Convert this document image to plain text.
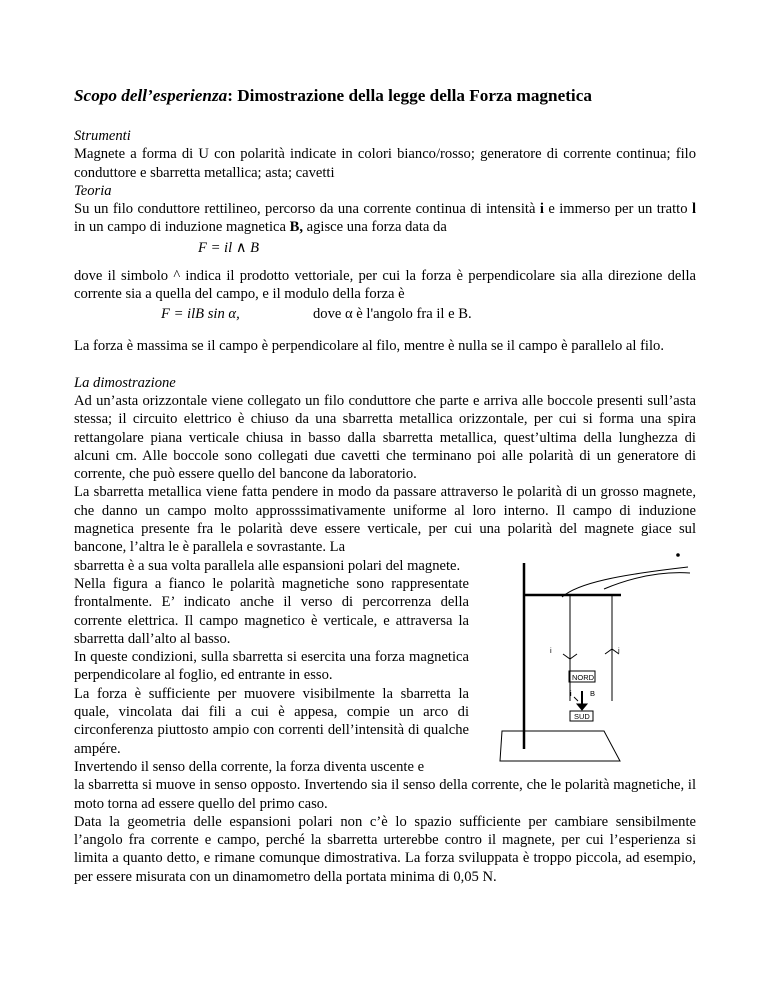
Scopo dell’esperienza: Dimostrazione della legge della Forza magnetica

Strumenti

Magnete a forma di U con polarità indicate in colori bianco/rosso; generatore di corrente continua; filo conduttore e sbarretta metallica; asta; cavetti

Teoria

Su un filo conduttore rettilineo, percorso da una corrente continua di intensità i e immerso per un tratto l in un campo di induzione magnetica B, agisce una forza data da

F = il ∧ B

dove il simbolo ^ indica il prodotto vettoriale, per cui la forza è perpendicolare sia alla direzione della corrente sia a quella del campo, e il modulo della forza è

F = ilB sin α,	dove α è l'angolo fra il e B.

La forza è massima se il campo è perpendicolare al filo, mentre è nulla se il campo è parallelo al filo.

La dimostrazione

Ad un’asta orizzontale viene collegato un filo conduttore che parte e arriva alle boccole presenti sull’asta stessa; il circuito elettrico è chiuso da una sbarretta metallica orizzontale, per cui si forma una spira rettangolare piana verticale chiusa in basso dalla sbarretta metallica, quest’ultima della lunghezza di alcuni cm. Alle boccole sono collegati due cavetti che terminano poi alle polarità di un generatore di corrente, che può essere quello del bancone da laboratorio.

La sbarretta metallica viene fatta pendere in modo da passare attraverso le polarità di un grosso magnete, che danno un campo molto approsssimativamente uniforme al loro interno. Il campo di induzione magnetica presente fra le polarità deve essere verticale, per cui una polarità del magnete giace sul bancone, l’altra le è parallela e sovrastante. La

sbarretta è a sua volta parallela alle espansioni polari del magnete.

Nella figura a fianco le polarità magnetiche sono rappresentate frontalmente. E’ indicato anche il verso di percorrenza della corrente elettrica. Il campo magnetico è verticale, e attraversa la sbarretta dall’alto al basso.

In queste condizioni, sulla sbarretta si esercita una forza magnetica perpendicolare al foglio, ed entrante in esso.

La forza è sufficiente per muovere visibilmente la sbarretta la quale, vincolata dai fili a cui è appesa, compie un arco di circonferenza piuttosto ampio con correnti dell’intensità di qualche ampére.

Invertendo il senso della corrente, la forza diventa uscente e

NORD
SUD
i	i
i B

la sbarretta si muove in senso opposto. Invertendo sia il senso della corrente, che le polarità magnetiche, il moto torna ad essere quello del primo caso.

Data la geometria delle espansioni polari non c’è lo spazio sufficiente per cambiare sensibilmente l’angolo fra corrente e campo, perché la sbarretta urterebbe contro il magnete, per cui l’esperienza si limita a quanto detto, e rimane comunque dimostrativa. La forza sviluppata è troppo piccola, ad esempio, per essere misurata con un dinamometro della portata minima di 0,05 N.
